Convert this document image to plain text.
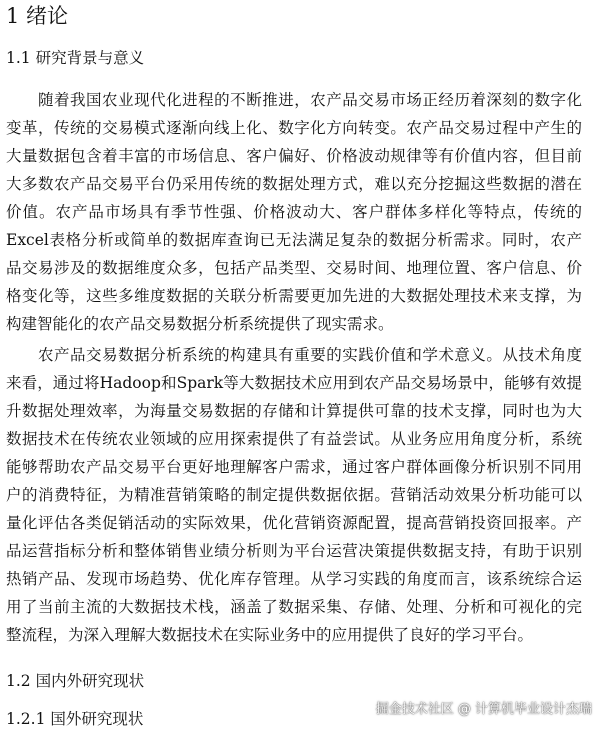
1 绪论
1.1 研究背景与意义
随着我国农业现代化进程的不断推进，农产品交易市场正经历着深刻的数字化
变革，传统的交易模式逐渐向线上化、数字化方向转变。农产品交易过程中产生的
大量数据包含着丰富的市场信息、客户偏好、价格波动规律等有价值内容，但目前
大多数农产品交易平台仍采用传统的数据处理方式，难以充分挖掘这些数据的潜在
价值。农产品市场具有季节性强、价格波动大、客户群体多样化等特点，传统的
Excel表格分析或简单的数据库查询已无法满足复杂的数据分析需求。同时，农产
品交易涉及的数据维度众多，包括产品类型、交易时间、地理位置、客户信息、价
格变化等，这些多维度数据的关联分析需要更加先进的大数据处理技术来支撑，为
构建智能化的农产品交易数据分析系统提供了现实需求。
农产品交易数据分析系统的构建具有重要的实践价值和学术意义。从技术角度
来看，通过将Hadoop和Spark等大数据技术应用到农产品交易场景中，能够有效提
升数据处理效率，为海量交易数据的存储和计算提供可靠的技术支撑，同时也为大
数据技术在传统农业领域的应用探索提供了有益尝试。从业务应用角度分析，系统
能够帮助农产品交易平台更好地理解客户需求，通过客户群体画像分析识别不同用
户的消费特征，为精准营销策略的制定提供数据依据。营销活动效果分析功能可以
量化评估各类促销活动的实际效果，优化营销资源配置，提高营销投资回报率。产
品运营指标分析和整体销售业绩分析则为平台运营决策提供数据支持，有助于识别
热销产品、发现市场趋势、优化库存管理。从学习实践的角度而言，该系统综合运
用了当前主流的大数据技术栈，涵盖了数据采集、存储、处理、分析和可视化的完
整流程，为深入理解大数据技术在实际业务中的应用提供了良好的学习平台。
1.2 国内外研究现状
1.2.1 国外研究现状
掘金技术社区 @ 计算机毕业设计杰瑞
